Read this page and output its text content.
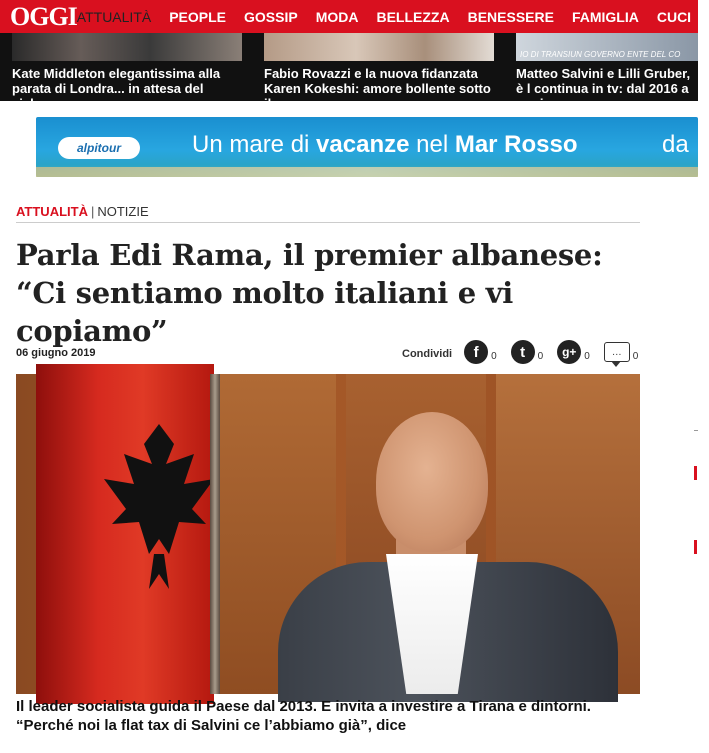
OGGI ATTUALITÀ PEOPLE GOSSIP MODA BELLEZZA BENESSERE FAMIGLIA CUCI
Kate Middleton elegantissima alla parata di Londra... in attesa del ciclone
Fabio Rovazzi e la nuova fidanzata Karen Kokeshi: amore bollente sotto il
IO DI TRANSIUN GOVERNO ENTE DEL CO
Matteo Salvini e Lilli Gruber, è l continua in tv: dal 2016 a oggi s
alpitour	Un mare di vacanze nel Mar Rosso	da
ATTUALITÀ | NOTIZIE
Parla Edi Rama, il premier albanese: “Ci sentiamo molto italiani e vi copiamo”
06 giugno 2019	Condividi	f	0	t	0	g+ 0	…	0

Il leader socialista guida il Paese dal 2013. E invita a investire a Tirana e dintorni. “Perché noi la flat tax di Salvini ce l’abbiamo già”, dice
